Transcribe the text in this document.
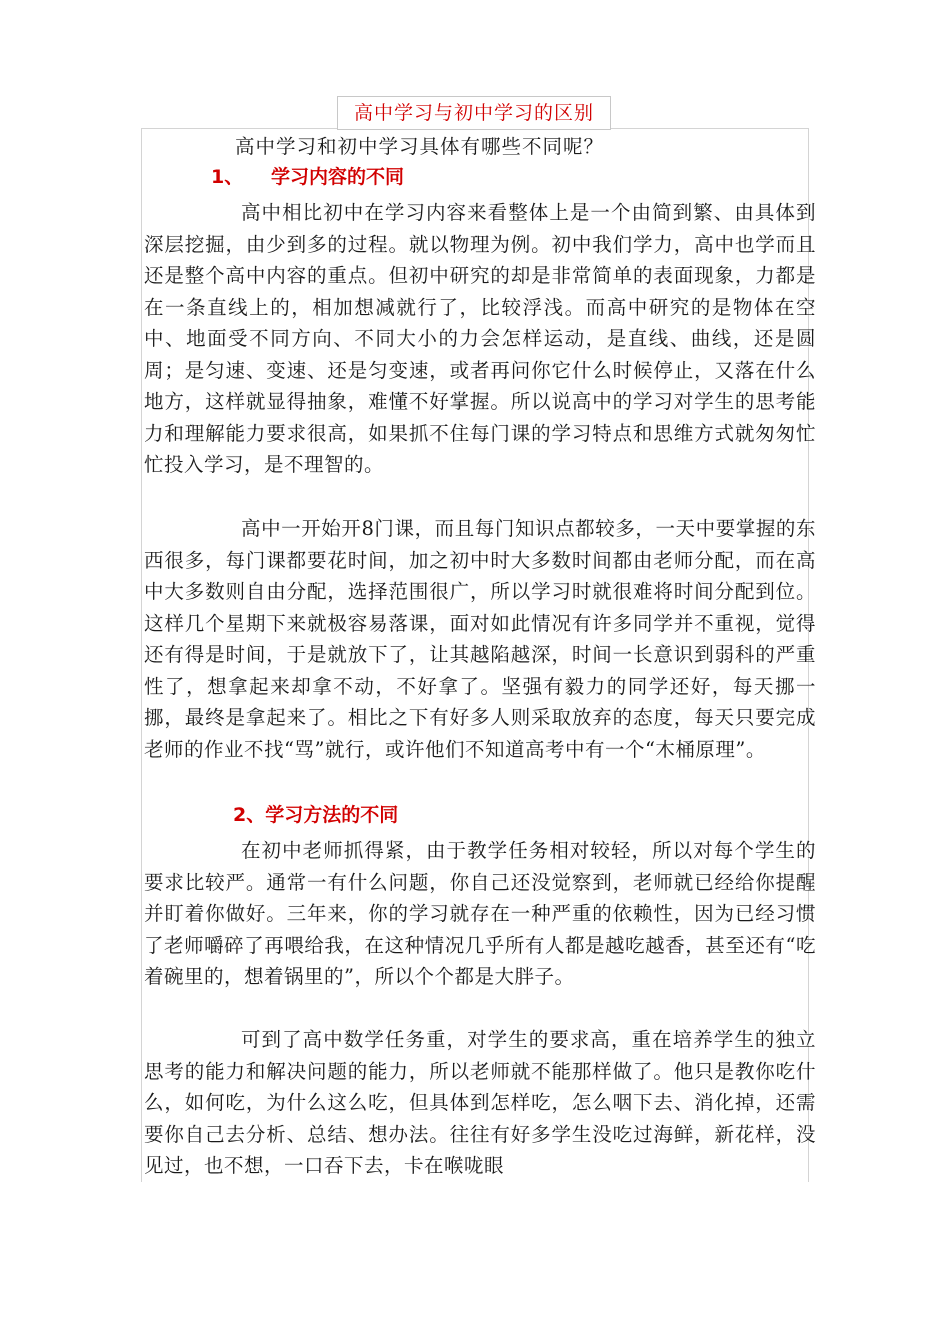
高中学习与初中学习的区别
高中学习和初中学习具体有哪些不同呢？
1、 学习内容的不同

高中相比初中在学习内容来看整体上是一个由简到繁、由具体到深层挖掘，由少到多的过程。就以物理为例。初中我们学力，高中也学而且还是整个高中内容的重点。但初中研究的却是非常简单的表面现象，力都是在一条直线上的，相加想减就行了，比较浮浅。而高中研究的是物体在空中、地面受不同方向、不同大小的力会怎样运动，是直线、曲线，还是圆周；是匀速、变速、还是匀变速，或者再问你它什么时候停止，又落在什么地方，这样就显得抽象，难懂不好掌握。所以说高中的学习对学生的思考能力和理解能力要求很高，如果抓不住每门课的学习特点和思维方式就匆匆忙忙投入学习，是不理智的。

高中一开始开8门课，而且每门知识点都较多，一天中要掌握的东西很多，每门课都要花时间，加之初中时大多数时间都由老师分配，而在高中大多数则自由分配，选择范围很广，所以学习时就很难将时间分配到位。这样几个星期下来就极容易落课，面对如此情况有许多同学并不重视，觉得还有得是时间，于是就放下了，让其越陷越深，时间一长意识到弱科的严重性了，想拿起来却拿不动，不好拿了。坚强有毅力的同学还好，每天挪一挪，最终是拿起来了。相比之下有好多人则采取放弃的态度，每天只要完成老师的作业不找“骂”就行，或许他们不知道高考中有一个“木桶原理”。

2、学习方法的不同

在初中老师抓得紧，由于教学任务相对较轻，所以对每个学生的要求比较严。通常一有什么问题，你自己还没觉察到，老师就已经给你提醒并盯着你做好。三年来，你的学习就存在一种严重的依赖性，因为已经习惯了老师嚼碎了再喂给我，在这种情况几乎所有人都是越吃越香，甚至还有“吃着碗里的，想着锅里的”，所以个个都是大胖子。

可到了高中数学任务重，对学生的要求高，重在培养学生的独立思考的能力和解决问题的能力，所以老师就不能那样做了。他只是教你吃什么，如何吃，为什么这么吃，但具体到怎样吃，怎么咽下去、消化掉，还需要你自己去分析、总结、想办法。往往有好多学生没吃过海鲜，新花样，没见过，也不想，一口吞下去，卡在喉咙眼
